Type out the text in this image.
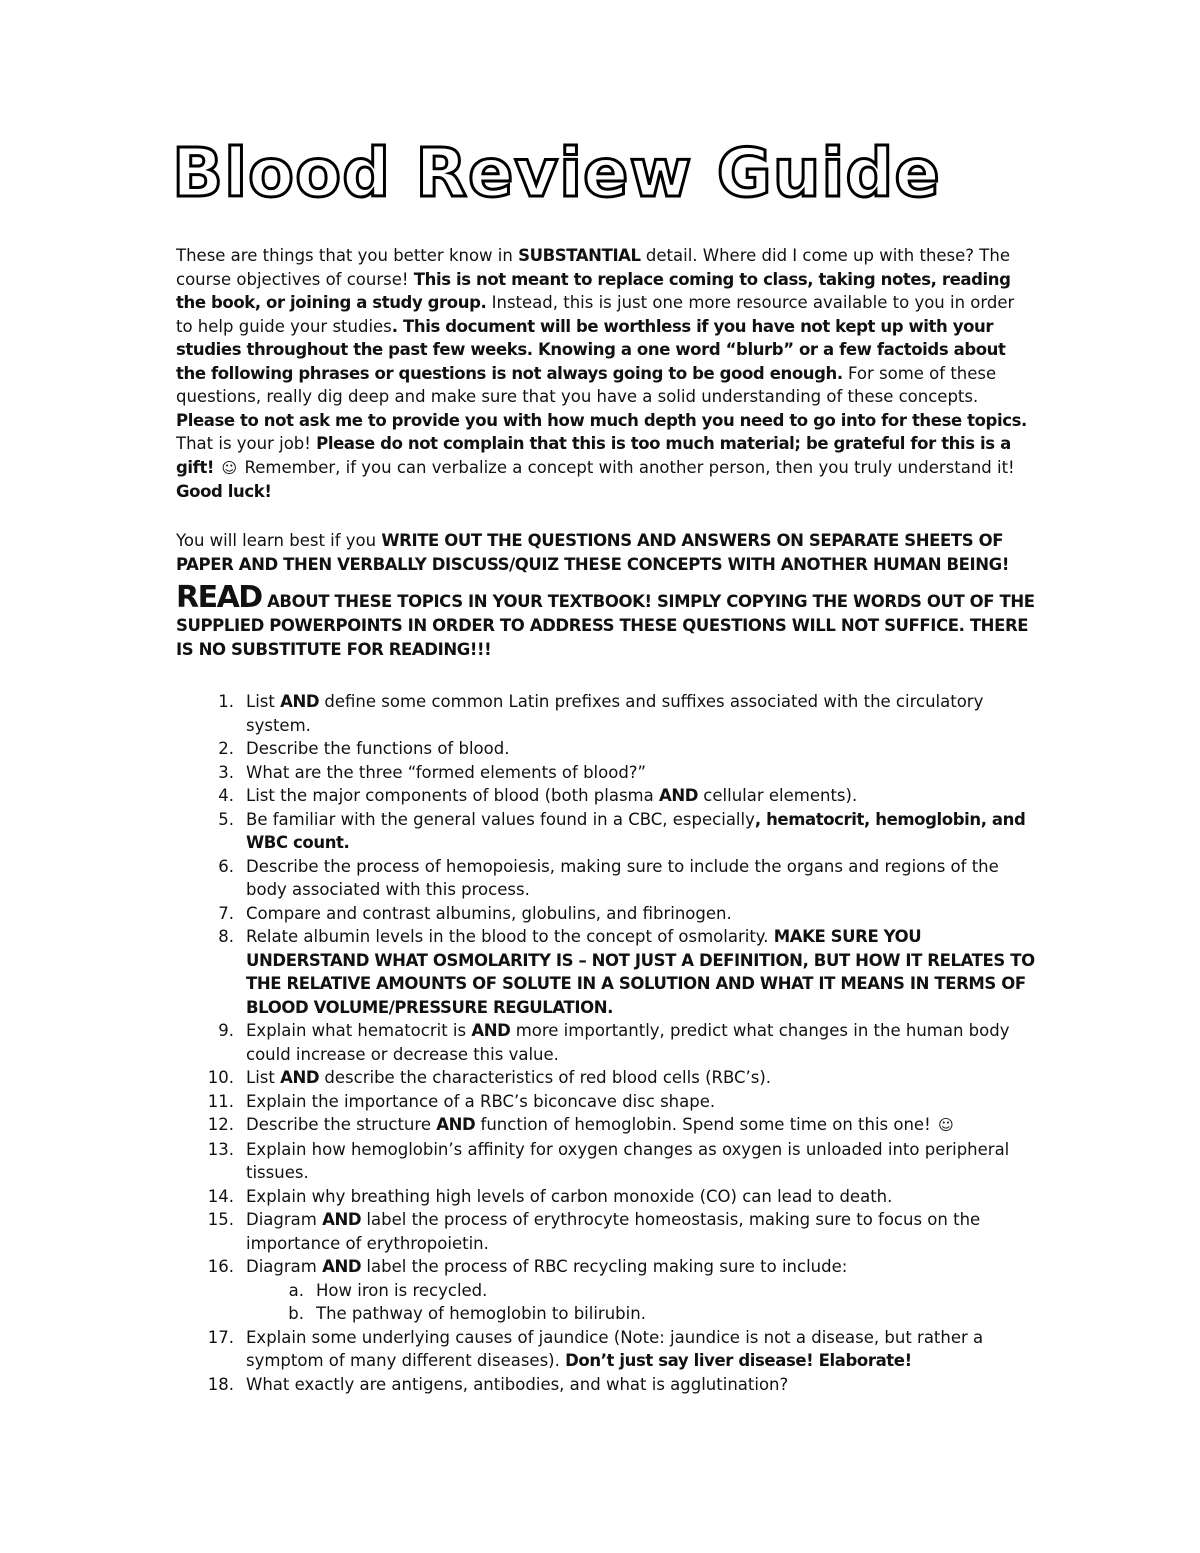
Blood Review Guide

These are things that you better know in SUBSTANTIAL detail. Where did I come up with these? The course objectives of course! This is not meant to replace coming to class, taking notes, reading the book, or joining a study group. Instead, this is just one more resource available to you in order to help guide your studies. This document will be worthless if you have not kept up with your studies throughout the past few weeks. Knowing a one word “blurb” or a few factoids about the following phrases or questions is not always going to be good enough. For some of these questions, really dig deep and make sure that you have a solid understanding of these concepts. Please to not ask me to provide you with how much depth you need to go into for these topics. That is your job! Please do not complain that this is too much material; be grateful for this is a gift! ☺ Remember, if you can verbalize a concept with another person, then you truly understand it! Good luck!

You will learn best if you WRITE OUT THE QUESTIONS AND ANSWERS ON SEPARATE SHEETS OF PAPER AND THEN VERBALLY DISCUSS/QUIZ THESE CONCEPTS WITH ANOTHER HUMAN BEING!

READ ABOUT THESE TOPICS IN YOUR TEXTBOOK! SIMPLY COPYING THE WORDS OUT OF THE SUPPLIED POWERPOINTS IN ORDER TO ADDRESS THESE QUESTIONS WILL NOT SUFFICE. THERE IS NO SUBSTITUTE FOR READING!!!

1. List AND define some common Latin prefixes and suffixes associated with the circulatory system.
2. Describe the functions of blood.
3. What are the three “formed elements of blood?”
4. List the major components of blood (both plasma AND cellular elements).
5. Be familiar with the general values found in a CBC, especially, hematocrit, hemoglobin, and WBC count.
6. Describe the process of hemopoiesis, making sure to include the organs and regions of the body associated with this process.
7. Compare and contrast albumins, globulins, and fibrinogen.
8. Relate albumin levels in the blood to the concept of osmolarity. MAKE SURE YOU UNDERSTAND WHAT OSMOLARITY IS – NOT JUST A DEFINITION, BUT HOW IT RELATES TO THE RELATIVE AMOUNTS OF SOLUTE IN A SOLUTION AND WHAT IT MEANS IN TERMS OF BLOOD VOLUME/PRESSURE REGULATION.
9. Explain what hematocrit is AND more importantly, predict what changes in the human body could increase or decrease this value.
10. List AND describe the characteristics of red blood cells (RBC’s).
11. Explain the importance of a RBC’s biconcave disc shape.
12. Describe the structure AND function of hemoglobin. Spend some time on this one! ☺
13. Explain how hemoglobin’s affinity for oxygen changes as oxygen is unloaded into peripheral tissues.
14. Explain why breathing high levels of carbon monoxide (CO) can lead to death.
15. Diagram AND label the process of erythrocyte homeostasis, making sure to focus on the importance of erythropoietin.
16. Diagram AND label the process of RBC recycling making sure to include:
a. How iron is recycled.
b. The pathway of hemoglobin to bilirubin.
17. Explain some underlying causes of jaundice (Note: jaundice is not a disease, but rather a symptom of many different diseases). Don’t just say liver disease! Elaborate!
18. What exactly are antigens, antibodies, and what is agglutination?
